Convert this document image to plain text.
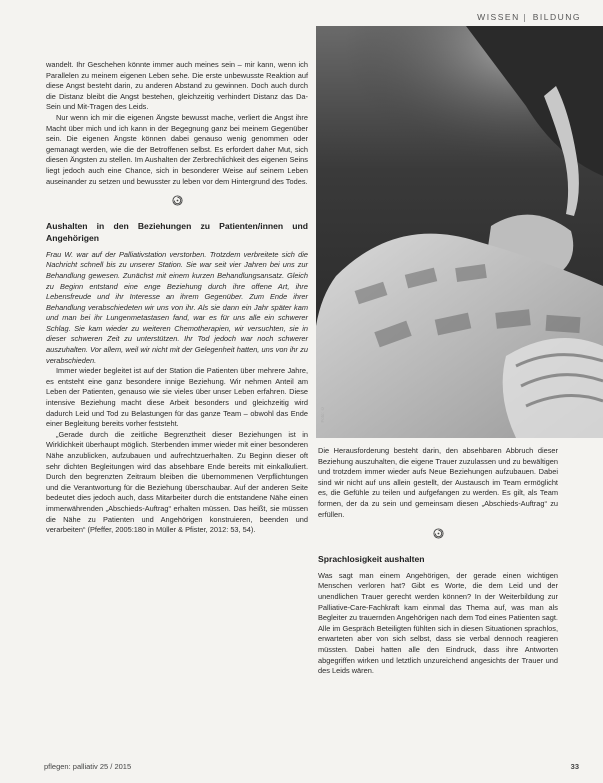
WISSEN BILDUNG
Foto: ©

wandelt. Ihr Geschehen könnte immer auch meines sein – mir kann, wenn ich Parallelen zu meinem eigenen Leben sehe. Die erste unbewusste Reaktion auf diese Angst besteht darin, zu anderen Abstand zu gewinnen. Doch auch durch die Distanz bleibt die Angst bestehen, gleichzeitig verhindert Distanz das Da-Sein und Mit-Tragen des Leids.

Nur wenn ich mir die eigenen Ängste bewusst mache, verliert die Angst ihre Macht über mich und ich kann in der Begegnung ganz bei meinem Gegenüber sein. Die eigenen Ängste können dabei genauso wenig genommen oder gemanagt werden, wie die der Betroffenen selbst. Es erfordert daher Mut, sich diesen Ängsten zu stellen. Im Aushalten der Zerbrechlichkeit des eigenen Seins liegt jedoch auch eine Chance, sich in besonderer Weise auf seinem Leben auseinander zu setzen und bewusster zu leben vor dem Hintergrund des Todes.

Aushalten in den Beziehungen zu Patienten/innen und Angehörigen

Frau W. war auf der Palliativstation verstorben. Trotzdem verbreitete sich die Nachricht schnell bis zu unserer Station. Sie war seit vier Jahren bei uns zur Behandlung gewesen. Zunächst mit einem kurzen Behandlungsansatz. Gleich zu Beginn entstand eine enge Beziehung durch ihre offene Art, ihre Lebensfreude und ihr Interesse an ihrem Gegenüber. Zum Ende ihrer Behandlung verabschiedeten wir uns von ihr. Als sie dann ein Jahr später kam und man bei ihr Lungenmetastasen fand, war es für uns alle ein schwerer Schlag. Sie kam wieder zu weiteren Chemotherapien, wir versuchten, sie in dieser schweren Zeit zu unterstützen. Ihr Tod jedoch war noch schwerer auszuhalten. Vor allem, weil wir nicht mit der Gelegenheit hatten, uns von ihr zu verabschieden.

Immer wieder begleitet ist auf der Station die Patienten über mehrere Jahre, es entsteht eine ganz besondere innige Beziehung. Wir nehmen Anteil am Leben der Patienten, genauso wie sie vieles über unser Leben erfahren. Diese intensive Beziehung macht diese Arbeit besonders und gleichzeitig wird dadurch Leid und Tod zu Belastungen für das ganze Team – obwohl das Ende einer Begleitung bereits vorher feststeht.

„Gerade durch die zeitliche Begrenztheit dieser Beziehungen ist in Wirklichkeit überhaupt möglich. Sterbenden immer wieder mit einer besonderen Nähe anzublicken, aufzubauen und aufrechtzuerhalten. Zu Beginn dieser oft sehr dichten Begleitungen wird das absehbare Ende bereits mit einkalkuliert. Durch den begrenzten Zeitraum bleiben die übernommenen Verpflichtungen und die Verantwortung für die Beziehung überschaubar. Auf der anderen Seite bedeutet dies jedoch auch, dass Mitarbeiter durch die entstandene Nähe einen immerwährenden „Abschieds-Auftrag“ erhalten müssen. Das heißt, sie müssen die Nähe zu Patienten und Angehörigen konstruieren, beenden und verarbeiten“ (Pfeffer, 2005:180 in Müller & Pfister, 2012: 53, 54).

Die Herausforderung besteht darin, den absehbaren Abbruch dieser Beziehung auszuhalten, die eigene Trauer zuzulassen und zu bewältigen und trotzdem immer wieder aufs Neue Beziehungen aufzubauen. Dabei sind wir nicht auf uns allein gestellt, der Austausch im Team ermöglicht es, die Gefühle zu teilen und aufgefangen zu werden. Es gilt, als Team formen, der da zu sein und gemeinsam diesen „Abschieds-Auftrag“ zu erfüllen.

Sprachlosigkeit aushalten

Was sagt man einem Angehörigen, der gerade einen wichtigen Menschen verloren hat? Gibt es Worte, die dem Leid und der unendlichen Trauer gerecht werden können? In der Weiterbildung zur Palliative-Care-Fachkraft kam einmal das Thema auf, was man als Begleiter zu trauernden Angehörigen nach dem Tod eines Patienten sagt. Alle im Gespräch Beteiligten fühlten sich in diesen Situationen sprachlos, erwarteten aber von sich selbst, dass sie verbal dennoch reagieren müssten. Dabei hatten alle den Eindruck, dass ihre Antworten abgegriffen wirken und letztlich unzureichend angesichts der Trauer und des Leids wären.

pflegen: palliativ 25 / 2015	33
